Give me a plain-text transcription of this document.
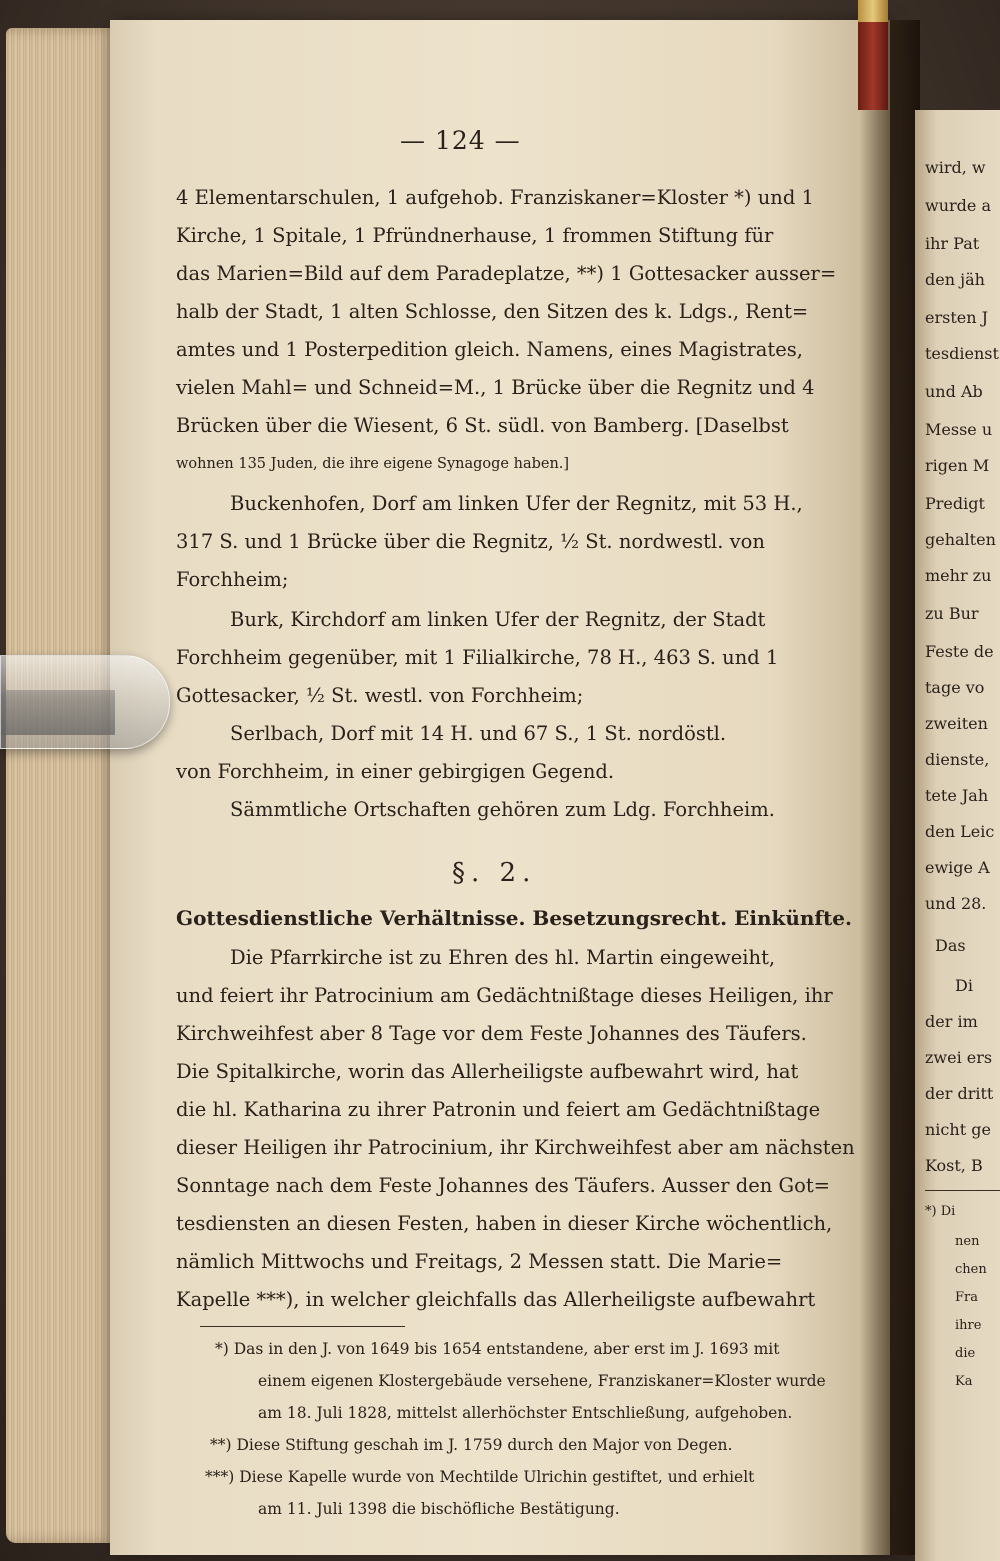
wird, w
wurde a
ihr Pat
den jäh
ersten J
tesdienst
und Ab
Messe u
rigen M
Predigt
gehalten
mehr zu
zu Bur
Feste de
tage vo
zweiten
dienste,
tete Jah
den Leic
ewige A
und 28.
Das
Di
der im
zwei ers
der dritt
nicht ge
Kost, B
*) Di
nen
chen
Fra
ihre
die
Ka
— 124 —
4 Elementarschulen, 1 aufgehob. Franziskaner=Kloster *) und 1
Kirche, 1 Spitale, 1 Pfründnerhause, 1 frommen Stiftung für
das Marien=Bild auf dem Paradeplatze, **) 1 Gottesacker ausser=
halb der Stadt, 1 alten Schlosse, den Sitzen des k. Ldgs., Rent=
amtes und 1 Posterpedition gleich. Namens, eines Magistrates,
vielen Mahl= und Schneid=M., 1 Brücke über die Regnitz und 4
Brücken über die Wiesent, 6 St. südl. von Bamberg. [Daselbst
wohnen 135 Juden, die ihre eigene Synagoge haben.]
Buckenhofen, Dorf am linken Ufer der Regnitz, mit 53 H.,
317 S. und 1 Brücke über die Regnitz, ½ St. nordwestl. von
Forchheim;
Burk, Kirchdorf am linken Ufer der Regnitz, der Stadt
Forchheim gegenüber, mit 1 Filialkirche, 78 H., 463 S. und 1
Gottesacker, ½ St. westl. von Forchheim;
Serlbach, Dorf mit 14 H. und 67 S., 1 St. nordöstl.
von Forchheim, in einer gebirgigen Gegend.
Sämmtliche Ortschaften gehören zum Ldg. Forchheim.
§. 2.
Gottesdienstliche Verhältnisse. Besetzungsrecht. Einkünfte.
Die Pfarrkirche ist zu Ehren des hl. Martin eingeweiht,
und feiert ihr Patrocinium am Gedächtnißtage dieses Heiligen, ihr
Kirchweihfest aber 8 Tage vor dem Feste Johannes des Täufers.
Die Spitalkirche, worin das Allerheiligste aufbewahrt wird, hat
die hl. Katharina zu ihrer Patronin und feiert am Gedächtnißtage
dieser Heiligen ihr Patrocinium, ihr Kirchweihfest aber am nächsten
Sonntage nach dem Feste Johannes des Täufers. Ausser den Got=
tesdiensten an diesen Festen, haben in dieser Kirche wöchentlich,
nämlich Mittwochs und Freitags, 2 Messen statt. Die Marie=
Kapelle ***), in welcher gleichfalls das Allerheiligste aufbewahrt
*) Das in den J. von 1649 bis 1654 entstandene, aber erst im J. 1693 mit
einem eigenen Klostergebäude versehene, Franziskaner=Kloster wurde
am 18. Juli 1828, mittelst allerhöchster Entschließung, aufgehoben.
**) Diese Stiftung geschah im J. 1759 durch den Major von Degen.
***) Diese Kapelle wurde von Mechtilde Ulrichin gestiftet, und erhielt
am 11. Juli 1398 die bischöfliche Bestätigung.
